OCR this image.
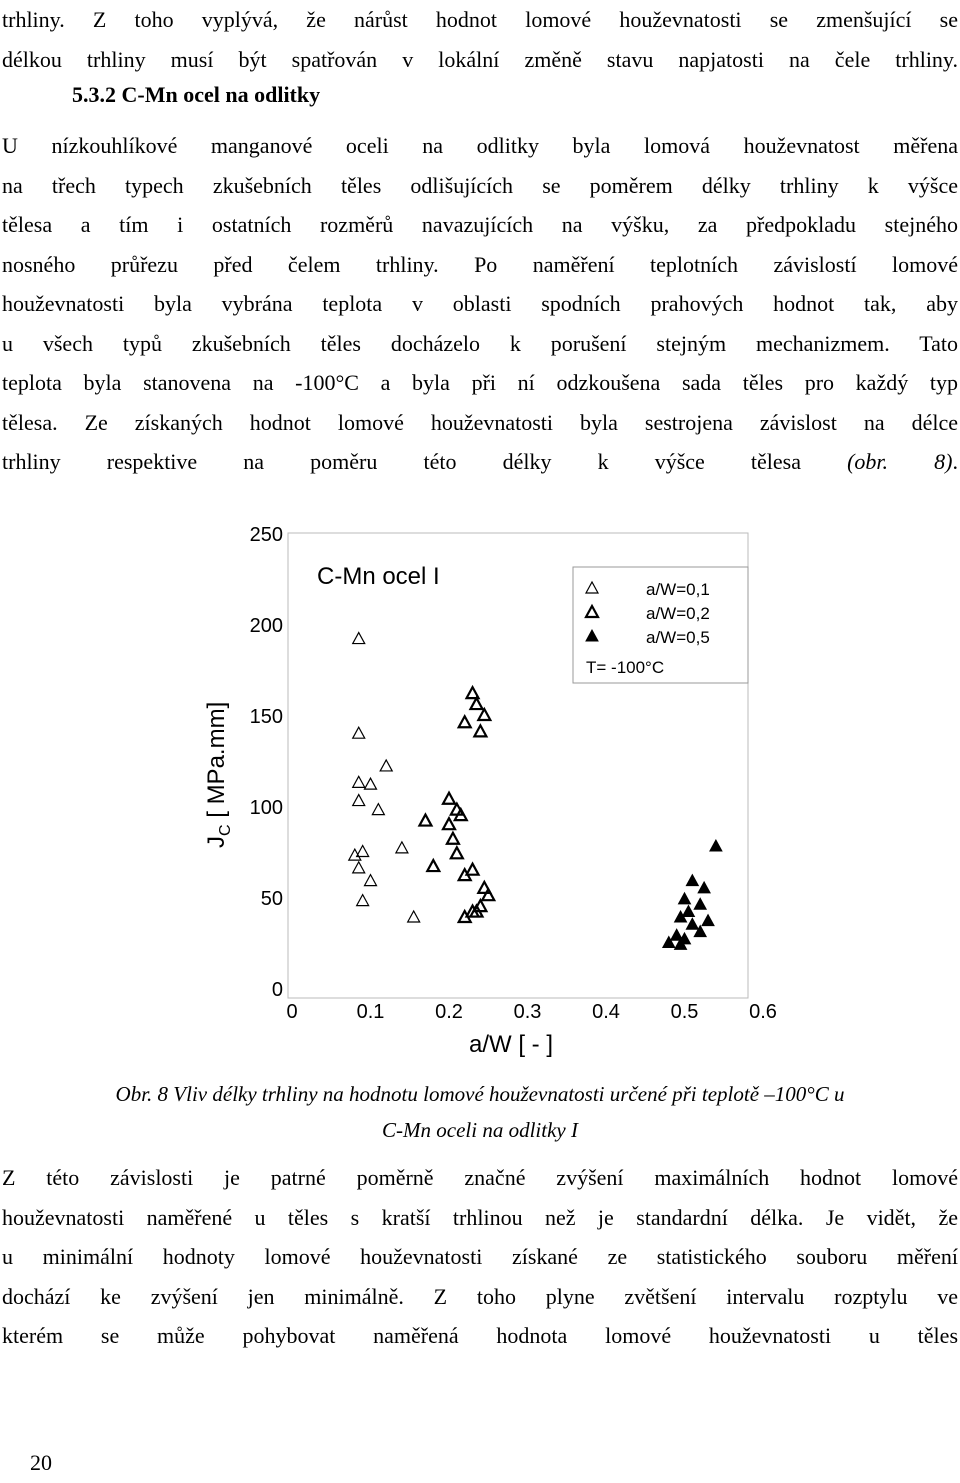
trhliny. Z toho vyplývá, že nárůst hodnot lomové houževnatosti se zmenšující se
délkou trhliny musí být spatřován v lokální změně stavu napjatosti na čele trhliny.

5.3.2 C-Mn ocel na odlitky

U nízkouhlíkové manganové oceli na odlitky byla lomová houževnatost měřena
na třech typech zkušebních těles odlišujících se poměrem délky trhliny k výšce
tělesa a tím i ostatních rozměrů navazujících na výšku, za předpokladu stejného
nosného průřezu před čelem trhliny. Po naměření teplotních závislostí lomové
houževnatosti byla vybrána teplota v oblasti spodních prahových hodnot tak, aby
u všech typů zkušebních těles docházelo k porušení stejným mechanizmem. Tato
teplota byla stanovena na -100°C a byla při ní odzkoušena sada těles pro každý typ
tělesa. Ze získaných hodnot lomové houževnatosti byla sestrojena závislost na délce
trhliny respektive na poměru této délky k výšce tělesa (obr. 8).
0
50
100
150
200
250
0	0.1	0.2	0.3	0.4	0.5	0.6
C-Mn ocel I
a/W [ - ]
$J_C$ [ MPa.mm]
a/W=0,1
a/W=0,2
a/W=0,5
T= -100°C
Obr. 8 Vliv délky trhliny na hodnotu lomové houževnatosti určené při teplotě –100°C u
C-Mn oceli na odlitky I
Z této závislosti je patrné poměrně značné zvýšení maximálních hodnot lomové
houževnatosti naměřené u těles s kratší trhlinou než je standardní délka. Je vidět, že
u minimální hodnoty lomové houževnatosti získané ze statistického souboru měření
dochází ke zvýšení jen minimálně. Z toho plyne zvětšení intervalu rozptylu ve
kterém se může pohybovat naměřená hodnota lomové houževnatosti u těles
20
